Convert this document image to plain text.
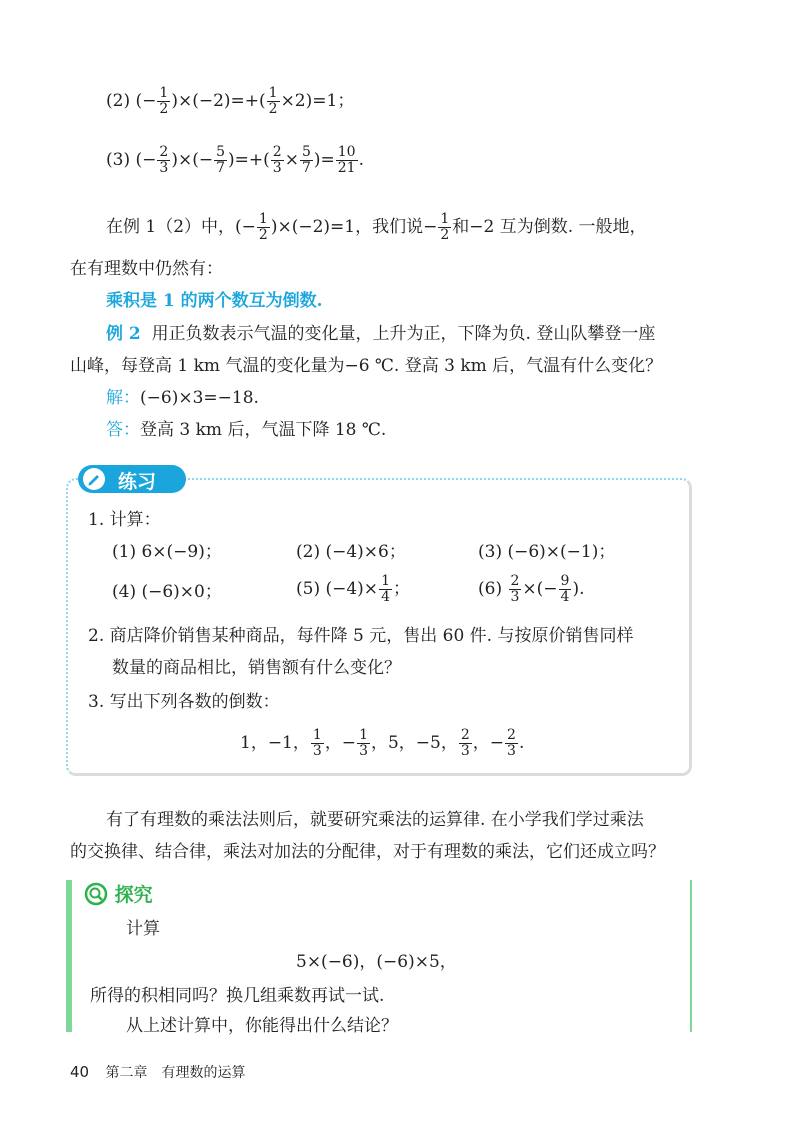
(2) (− $\frac{1}{2} )\times(-2)=+( \frac{1}{2} \times 2)=1$；
(3) (− $\frac{2}{3}$ )×(− $\frac{5}{7}$ )=+( $\frac{2}{3} \times \frac{5}{7}$ )= $\frac{10}{21}$ .
在例 1（2）中，(− $\frac{1}{2} )\times(-2)=1$，我们说− $\frac{1}{2}$ 和−2 互为倒数. 一般地，
在有理数中仍然有：
乘积是 1 的两个数互为倒数.
例 2 用正负数表示气温的变化量，上升为正，下降为负. 登山队攀登一座
山峰，每登高 1 km 气温的变化量为−6 ℃. 登高 3 km 后，气温有什么变化？
解：(−6)×3=−18.
答：登高 3 km 后，气温下降 18 ℃.
练习
1. 计算：
(1) 6×(−9)；	(2) (−4)×6；	(3) (−6)×(−1)；
(4) (−6)×0；	(5) $(-4)\times \frac{1}{4}$ ；	$(6) \frac{2}{3}$ ×(− $\frac{9}{4}$ ).
2. 商店降价销售某种商品，每件降 5 元，售出 60 件. 与按原价销售同样
数量的商品相比，销售额有什么变化？
3. 写出下列各数的倒数：
1，−1， $\frac{1}{3}$ ，− $\frac{1}{3}$ ，5，−5， $\frac{2}{3}$ ，− $\frac{2}{3}$ .
有了有理数的乘法法则后，就要研究乘法的运算律. 在小学我们学过乘法
的交换律、结合律，乘法对加法的分配律，对于有理数的乘法，它们还成立吗？
探究
计算
5×(−6)，(−6)×5，
所得的积相同吗？换几组乘数再试一试.
从上述计算中，你能得出什么结论？
40 第二章　有理数的运算
